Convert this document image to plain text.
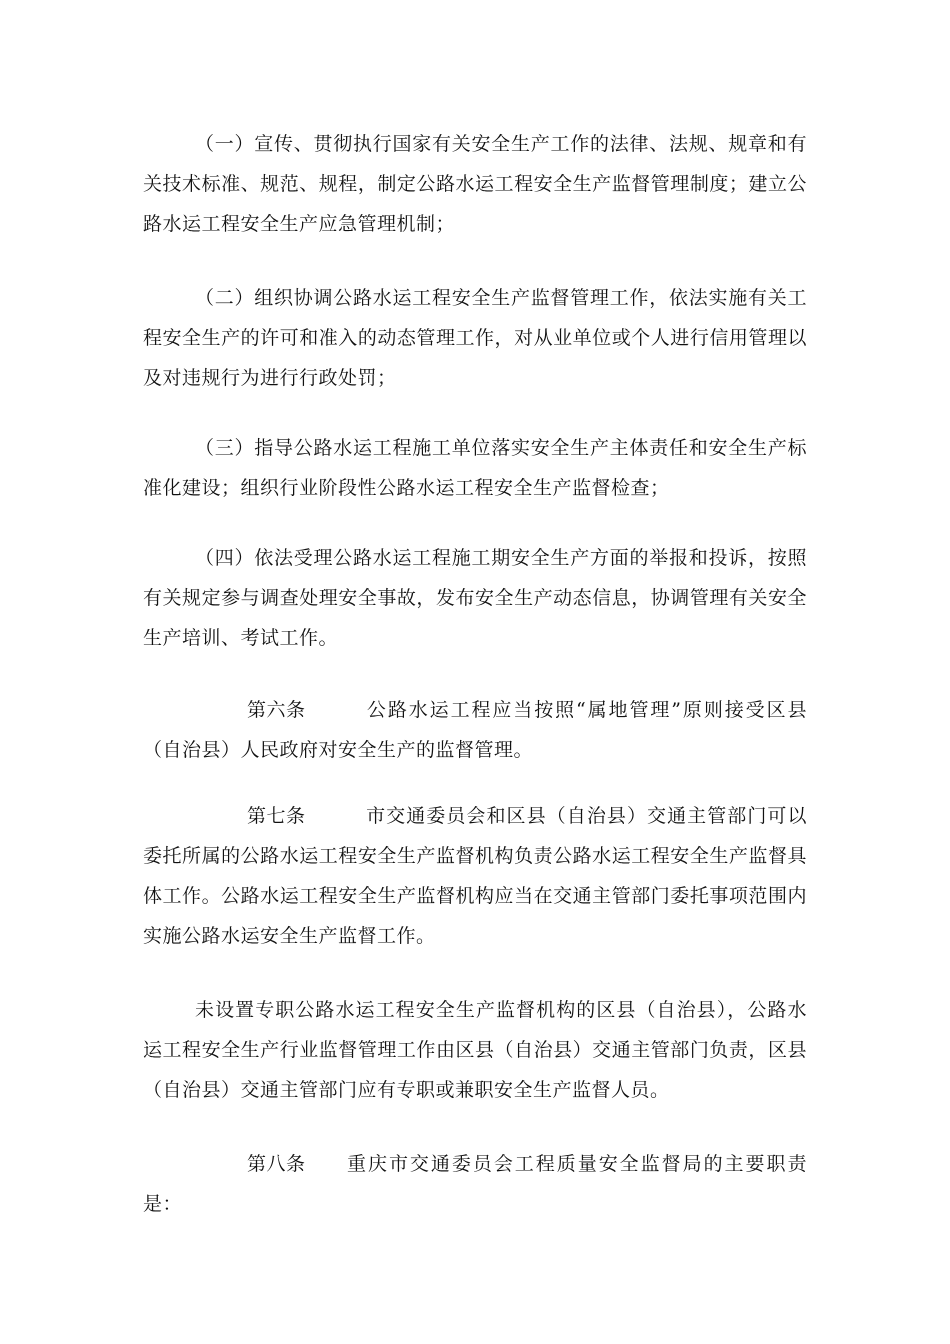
（一）宣传、贯彻执行国家有关安全生产工作的法律、法规、规章和有关技术标准、规范、规程，制定公路水运工程安全生产监督管理制度；建立公路水运工程安全生产应急管理机制；

（二）组织协调公路水运工程安全生产监督管理工作，依法实施有关工程安全生产的许可和准入的动态管理工作，对从业单位或个人进行信用管理以及对违规行为进行行政处罚；

（三）指导公路水运工程施工单位落实安全生产主体责任和安全生产标准化建设；组织行业阶段性公路水运工程安全生产监督检查；

（四）依法受理公路水运工程施工期安全生产方面的举报和投诉，按照有关规定参与调查处理安全事故，发布安全生产动态信息，协调管理有关安全生产培训、考试工作。

第六条	公路水运工程应当按照“属地管理”原则接受区县（自治县）人民政府对安全生产的监督管理。

第七条	市交通委员会和区县（自治县）交通主管部门可以委托所属的公路水运工程安全生产监督机构负责公路水运工程安全生产监督具体工作。公路水运工程安全生产监督机构应当在交通主管部门委托事项范围内实施公路水运安全生产监督工作。

未设置专职公路水运工程安全生产监督机构的区县（自治县），公路水运工程安全生产行业监督管理工作由区县（自治县）交通主管部门负责，区县（自治县）交通主管部门应有专职或兼职安全生产监督人员。

第八条 重庆市交通委员会工程质量安全监督局的主要职责是：
